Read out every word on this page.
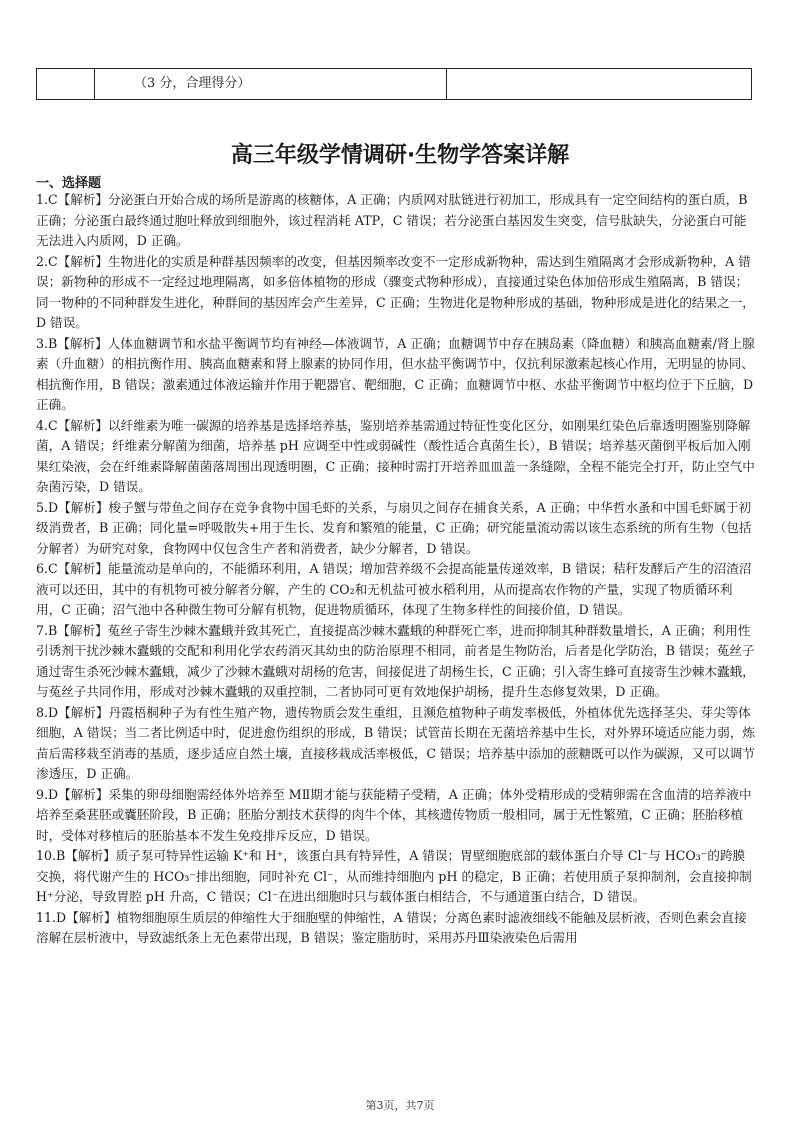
（3 分，合理得分）
高三年级学情调研·生物学答案详解
一、选择题

1.C【解析】分泌蛋白开始合成的场所是游离的核糖体，A 正确；内质网对肽链进行初加工，形成具有一定空间结构的蛋白质，B 正确；分泌蛋白最终通过胞吐释放到细胞外，该过程消耗 ATP，C 错误；若分泌蛋白基因发生突变，信号肽缺失，分泌蛋白可能无法进入内质网，D 正确。

2.C【解析】生物进化的实质是种群基因频率的改变，但基因频率改变不一定形成新物种，需达到生殖隔离才会形成新物种，A 错误；新物种的形成不一定经过地理隔离，如多倍体植物的形成（骤变式物种形成），直接通过染色体加倍形成生殖隔离，B 错误；同一物种的不同种群发生进化，种群间的基因库会产生差异，C 正确；生物进化是物种形成的基础，物种形成是进化的结果之一，D 错误。

3.B【解析】人体血糖调节和水盐平衡调节均有神经—体液调节，A 正确；血糖调节中存在胰岛素（降血糖）和胰高血糖素/肾上腺素（升血糖）的相抗衡作用、胰高血糖素和肾上腺素的协同作用，但水盐平衡调节中，仅抗利尿激素起核心作用，无明显的协同、相抗衡作用，B 错误；激素通过体液运输并作用于靶器官、靶细胞，C 正确；血糖调节中枢、水盐平衡调节中枢均位于下丘脑，D 正确。

4.C【解析】以纤维素为唯一碳源的培养基是选择培养基，鉴别培养基需通过特征性变化区分，如刚果红染色后靠透明圈鉴别降解菌，A 错误；纤维素分解菌为细菌，培养基 pH 应调至中性或弱碱性（酸性适合真菌生长），B 错误；培养基灭菌倒平板后加入刚果红染液，会在纤维素降解菌菌落周围出现透明圈，C 正确；接种时需打开培养皿皿盖一条缝隙，全程不能完全打开，防止空气中杂菌污染，D 错误。

5.D【解析】梭子蟹与带鱼之间存在竞争食物中国毛虾的关系，与扇贝之间存在捕食关系，A 正确；中华哲水蚤和中国毛虾属于初级消费者，B 正确；同化量=呼吸散失+用于生长、发育和繁殖的能量，C 正确；研究能量流动需以该生态系统的所有生物（包括分解者）为研究对象，食物网中仅包含生产者和消费者，缺少分解者，D 错误。

6.C【解析】能量流动是单向的，不能循环利用，A 错误；增加营养级不会提高能量传递效率，B 错误；秸秆发酵后产生的沼渣沼液可以还田，其中的有机物可被分解者分解，产生的 CO₂和无机盐可被水稻利用，从而提高农作物的产量，实现了物质循环利用，C 正确；沼气池中各种微生物可分解有机物，促进物质循环，体现了生物多样性的间接价值，D 错误。

7.B【解析】菟丝子寄生沙棘木蠹蛾并致其死亡，直接提高沙棘木蠹蛾的种群死亡率，进而抑制其种群数量增长，A 正确；利用性引诱剂干扰沙棘木蠹蛾的交配和利用化学农药消灭其幼虫的防治原理不相同，前者是生物防治，后者是化学防治，B 错误；菟丝子通过寄生杀死沙棘木蠹蛾，减少了沙棘木蠹蛾对胡杨的危害，间接促进了胡杨生长，C 正确；引入寄生蜂可直接寄生沙棘木蠹蛾，与菟丝子共同作用，形成对沙棘木蠹蛾的双重控制，二者协同可更有效地保护胡杨，提升生态修复效果，D 正确。

8.D【解析】丹霞梧桐种子为有性生殖产物，遗传物质会发生重组，且濒危植物种子萌发率极低，外植体优先选择茎尖、芽尖等体细胞，A 错误；当二者比例适中时，促进愈伤组织的形成，B 错误；试管苗长期在无菌培养基中生长，对外界环境适应能力弱，炼苗后需移栽至消毒的基质，逐步适应自然土壤，直接移栽成活率极低，C 错误；培养基中添加的蔗糖既可以作为碳源，又可以调节渗透压，D 正确。

9.D【解析】采集的卵母细胞需经体外培养至 MⅡ期才能与获能精子受精，A 正确；体外受精形成的受精卵需在含血清的培养液中培养至桑葚胚或囊胚阶段，B 正确；胚胎分割技术获得的肉牛个体，其核遗传物质一般相同，属于无性繁殖，C 正确；胚胎移植时，受体对移植后的胚胎基本不发生免疫排斥反应，D 错误。

10.B【解析】质子泵可特异性运输 K⁺和 H⁺，该蛋白具有特异性，A 错误；胃壁细胞底部的载体蛋白介导 Cl⁻与 HCO₃⁻的跨膜交换，将代谢产生的 HCO₃⁻排出细胞，同时补充 Cl⁻，从而维持细胞内 pH 的稳定，B 正确；若使用质子泵抑制剂，会直接抑制 H⁺分泌，导致胃腔 pH 升高，C 错误；Cl⁻在进出细胞时只与载体蛋白相结合，不与通道蛋白结合，D 错误。

11.D【解析】植物细胞原生质层的伸缩性大于细胞壁的伸缩性，A 错误；分离色素时滤液细线不能触及层析液，否则色素会直接溶解在层析液中，导致滤纸条上无色素带出现，B 错误；鉴定脂肪时，采用苏丹Ⅲ染液染色后需用

第3页，共7页
